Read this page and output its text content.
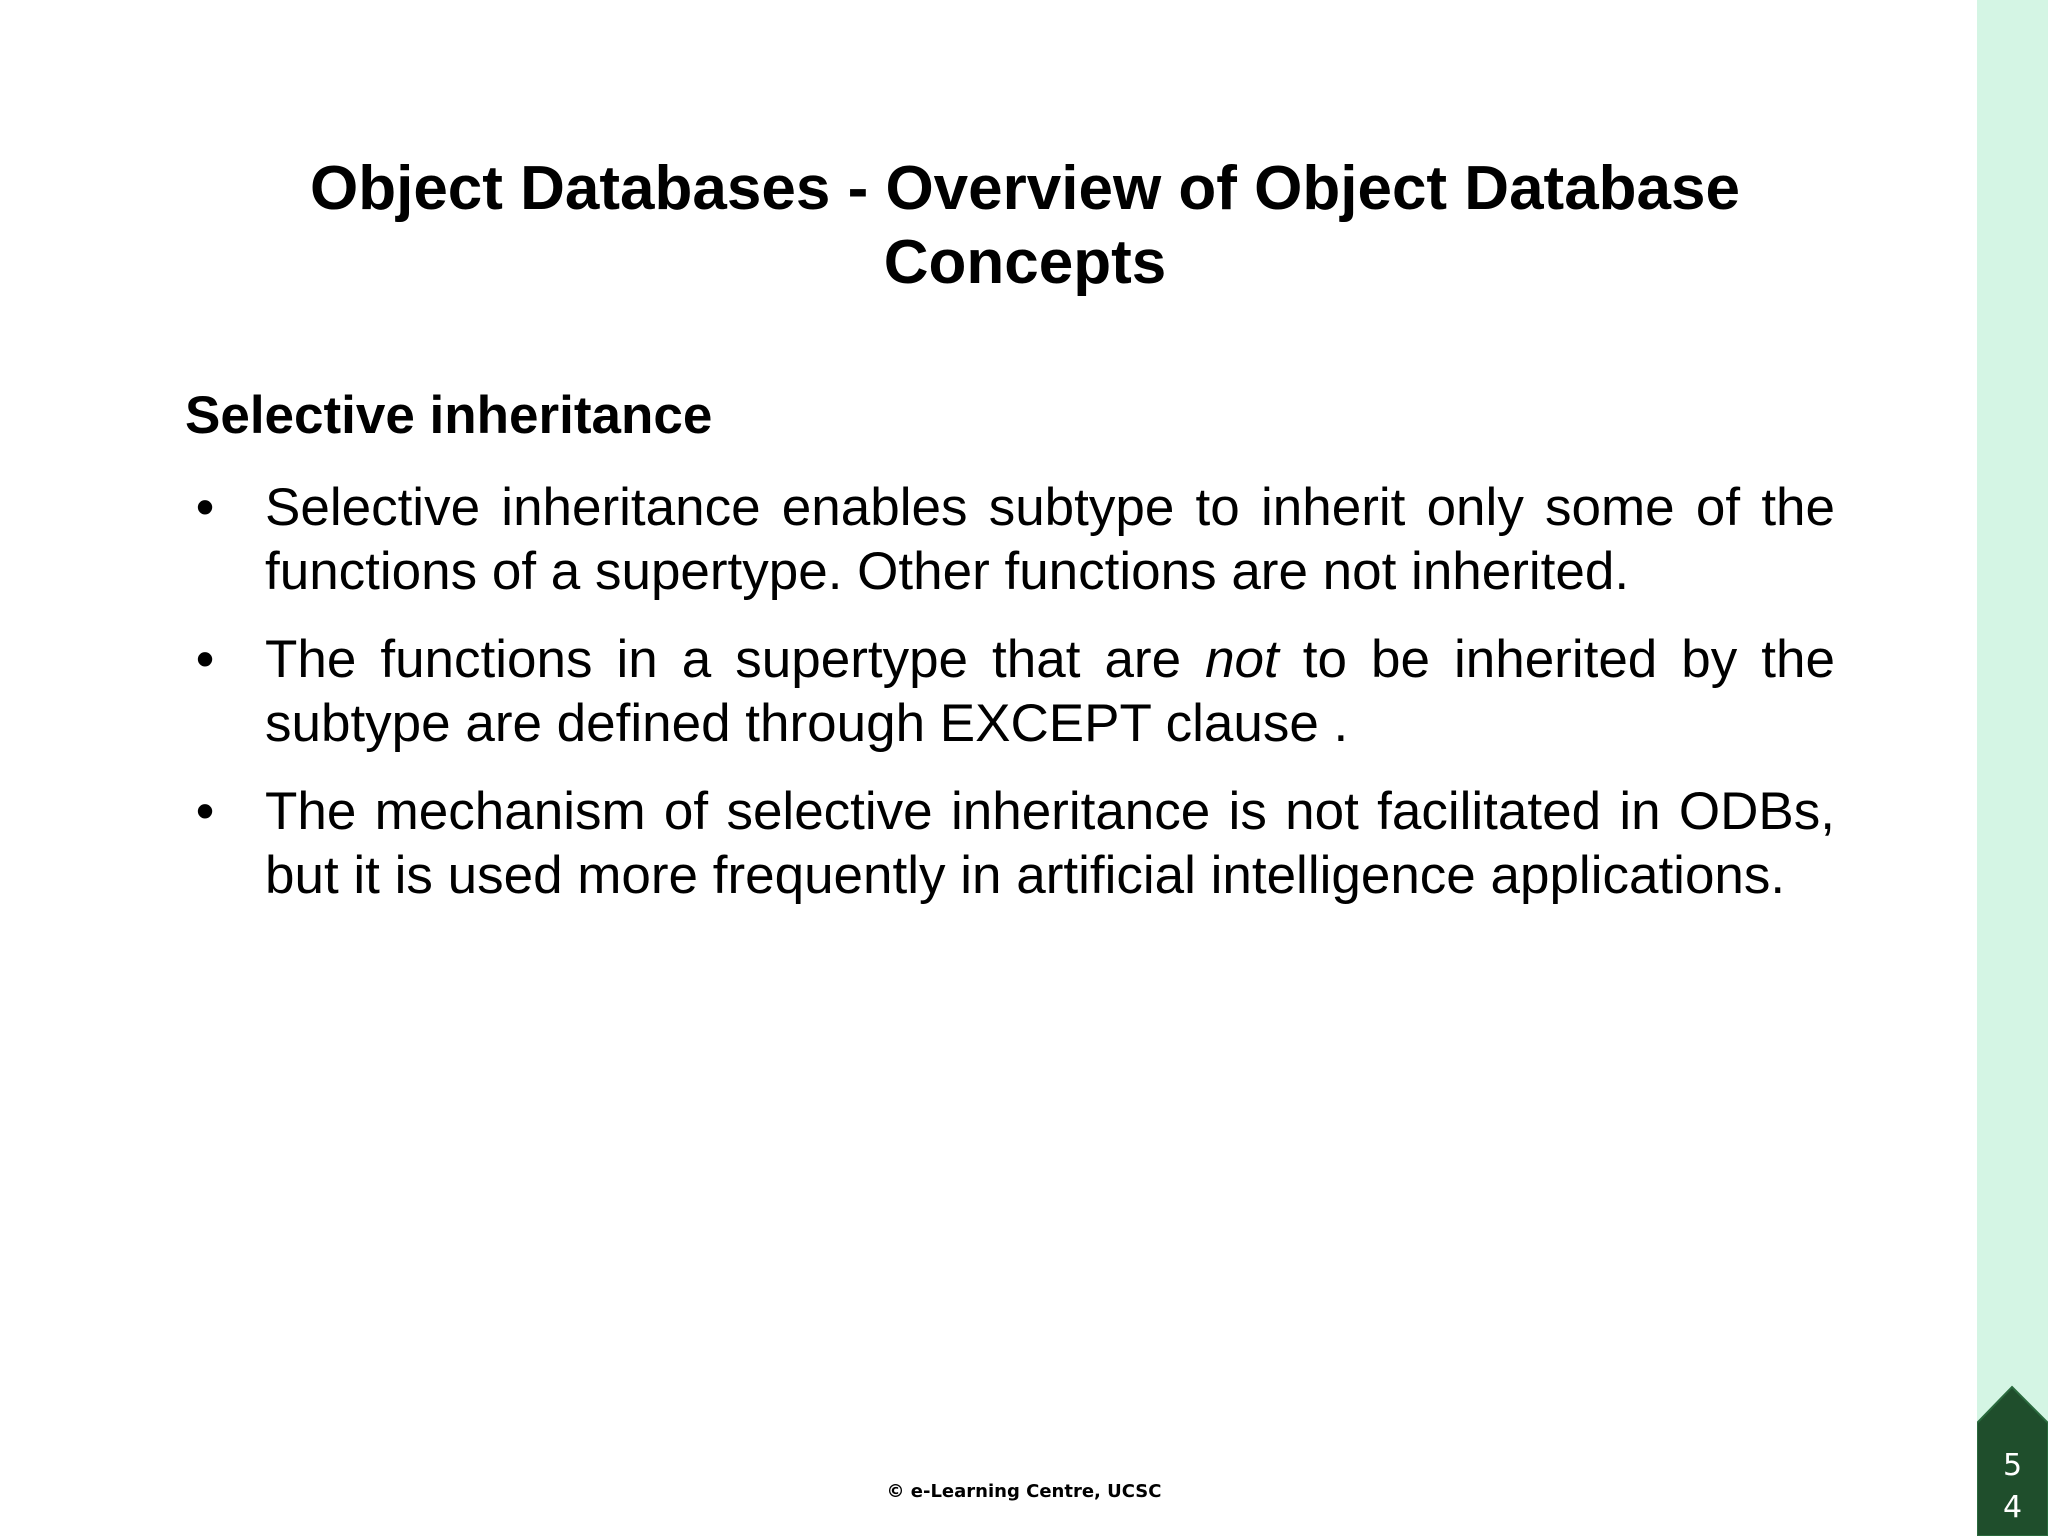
5
4
Object Databases - Overview of Object Database Concepts
Selective inheritance
• Selective inheritance enables subtype to inherit only some of the functions of a supertype. Other functions are not inherited.
• The functions in a supertype that are not to be inherited by the subtype are defined through EXCEPT clause .
• The mechanism of selective inheritance is not facilitated in ODBs, but it is used more frequently in artificial intelligence applications.
© e-Learning Centre, UCSC
